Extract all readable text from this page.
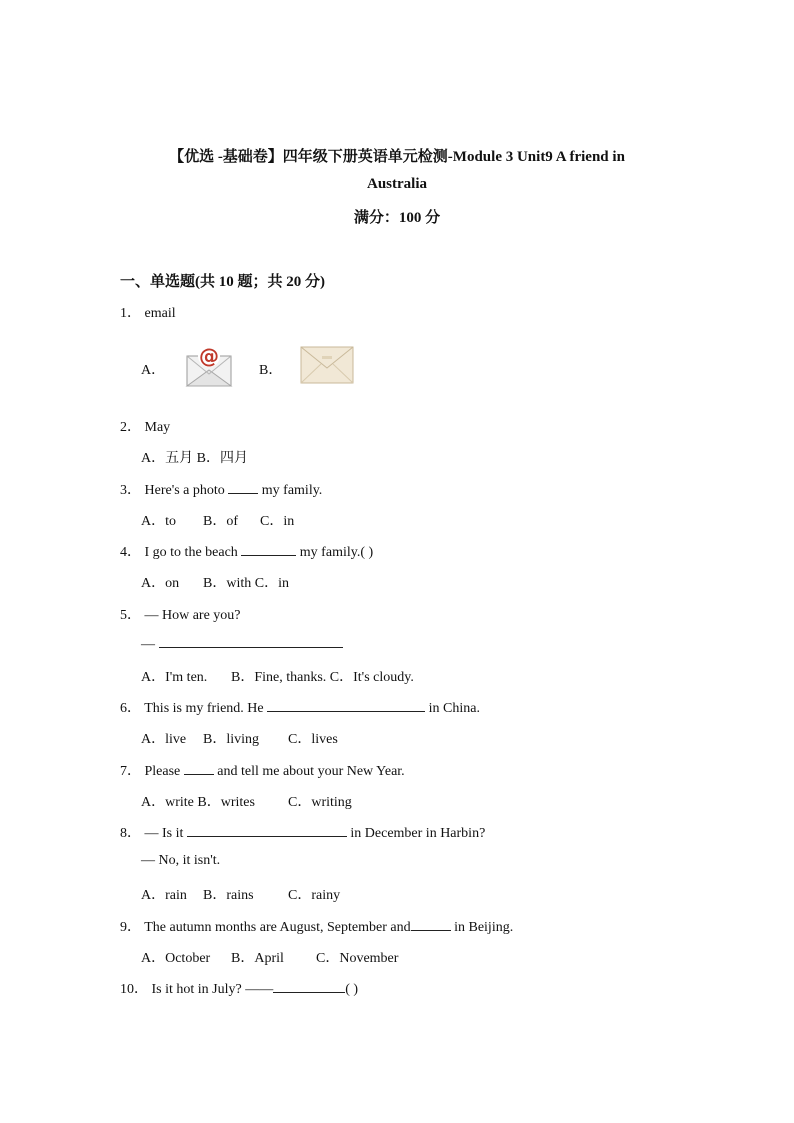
【优选 -基础卷】四年级下册英语单元检测-Module 3 Unit9 A friend in
Australia
满分：100 分
一、单选题(共 10 题；共 20 分)
1． email
A．
@
B．
2． May
A．五月 B．四月
3． Here's a photo	my family.
A．to B．of C．in
4． I go to the beach	my family.( )
A．on B．with C．in
5． — How are you?
—
A．I'm ten. B．Fine, thanks. C．It's cloudy.
6． This is my friend. He	in China.
A．live B．living C．lives
7． Please	and tell me about your New Year.
A．write B．writes C．writing
8． — Is it	in December in Harbin?
— No, it isn't.
A．rain B．rains C．rainy
9． The autumn months are August, September and	in Beijing.
A．October B．April C．November
10． Is it hot in July? ——	( )
